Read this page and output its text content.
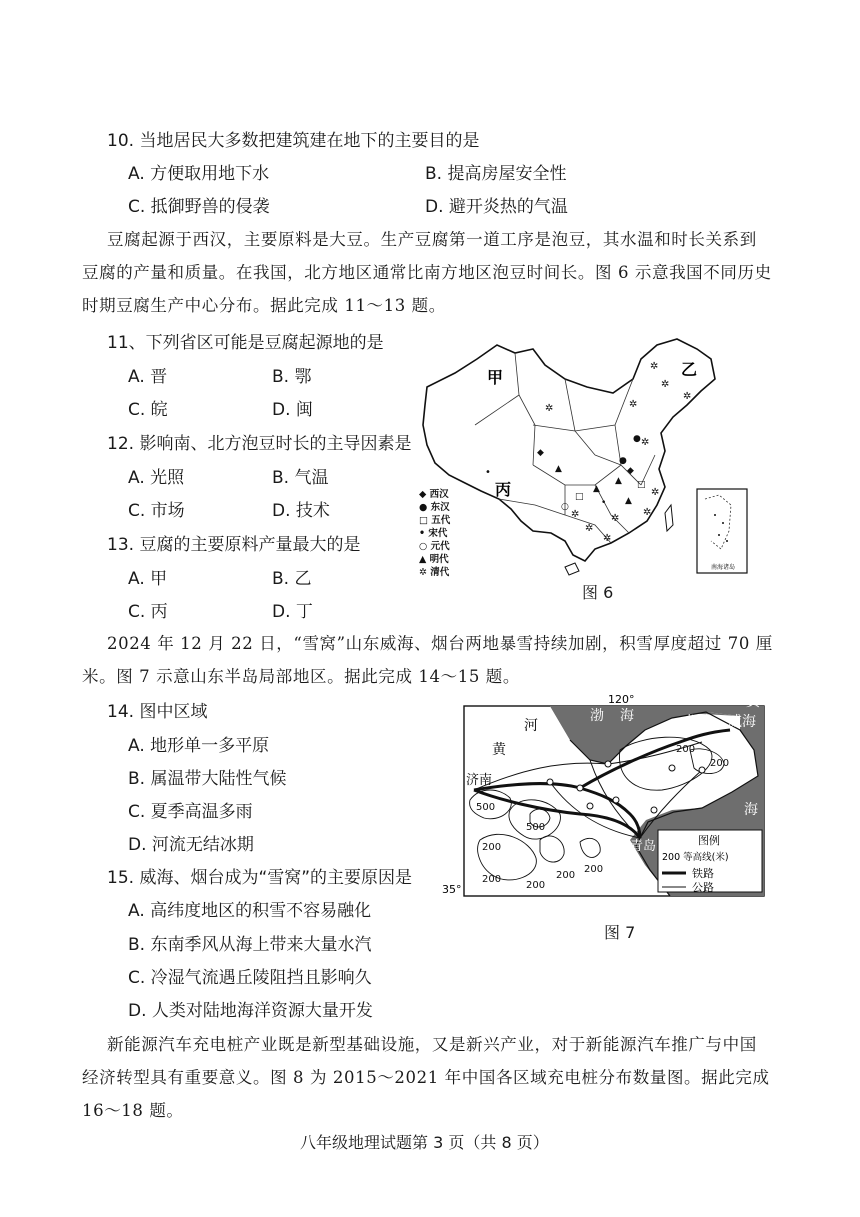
10. 当地居民大多数把建筑建在地下的主要目的是
A. 方便取用地下水	B. 提高房屋安全性
C. 抵御野兽的侵袭	D. 避开炎热的气温
豆腐起源于西汉，主要原料是大豆。生产豆腐第一道工序是泡豆，其水温和时长关系到
豆腐的产量和质量。在我国，北方地区通常比南方地区泡豆时间长。图 6 示意我国不同历史
时期豆腐生产中心分布。据此完成 11～13 题。
11、下列省区可能是豆腐起源地的是
A. 晋	B. 鄂
C. 皖	D. 闽
12. 影响南、北方泡豆时长的主导因素是
A. 光照	B. 气温
C. 市场	D. 技术
13. 豆腐的主要原料产量最大的是
A. 甲	B. 乙
C. 丙	D. 丁
◆
●
●
◆
▲
▲
▲
▲
□
○
□
•
•
✲
✲
✲
✲
✲
✲
✲
✲
✲
✲
✲
✲
甲	乙
丙
◆ 西汉
● 东汉
□ 五代
• 宋代
○ 元代
▲ 明代
✲ 清代	南海诸岛
图 6
2024 年 12 月 22 日，“雪窝”山东威海、烟台两地暴雪持续加剧，积雪厚度超过 70 厘
米。图 7 示意山东半岛局部地区。据此完成 14～15 题。
14. 图中区域
A. 地形单一多平原
B. 属温带大陆性气候
C. 夏季高温多雨
D. 河流无结冰期
15. 威海、烟台成为“雪窝”的主要原因是
A. 高纬度地区的积雪不容易融化
B. 东南季风从海上带来大量水汽
C. 冷湿气流遇丘陵阻挡且影响久
D. 人类对陆地海洋资源大量开发
120°
35°
河
黄
渤 海	烟台 威海
黄
海
济南
青岛
200
200
500
500
200
200
200
200
200
图例
200 等高线(米)
铁路
公路
图 7
新能源汽车充电桩产业既是新型基础设施，又是新兴产业，对于新能源汽车推广与中国
经济转型具有重要意义。图 8 为 2015～2021 年中国各区域充电桩分布数量图。据此完成
16～18 题。
八年级地理试题第 3 页（共 8 页）
